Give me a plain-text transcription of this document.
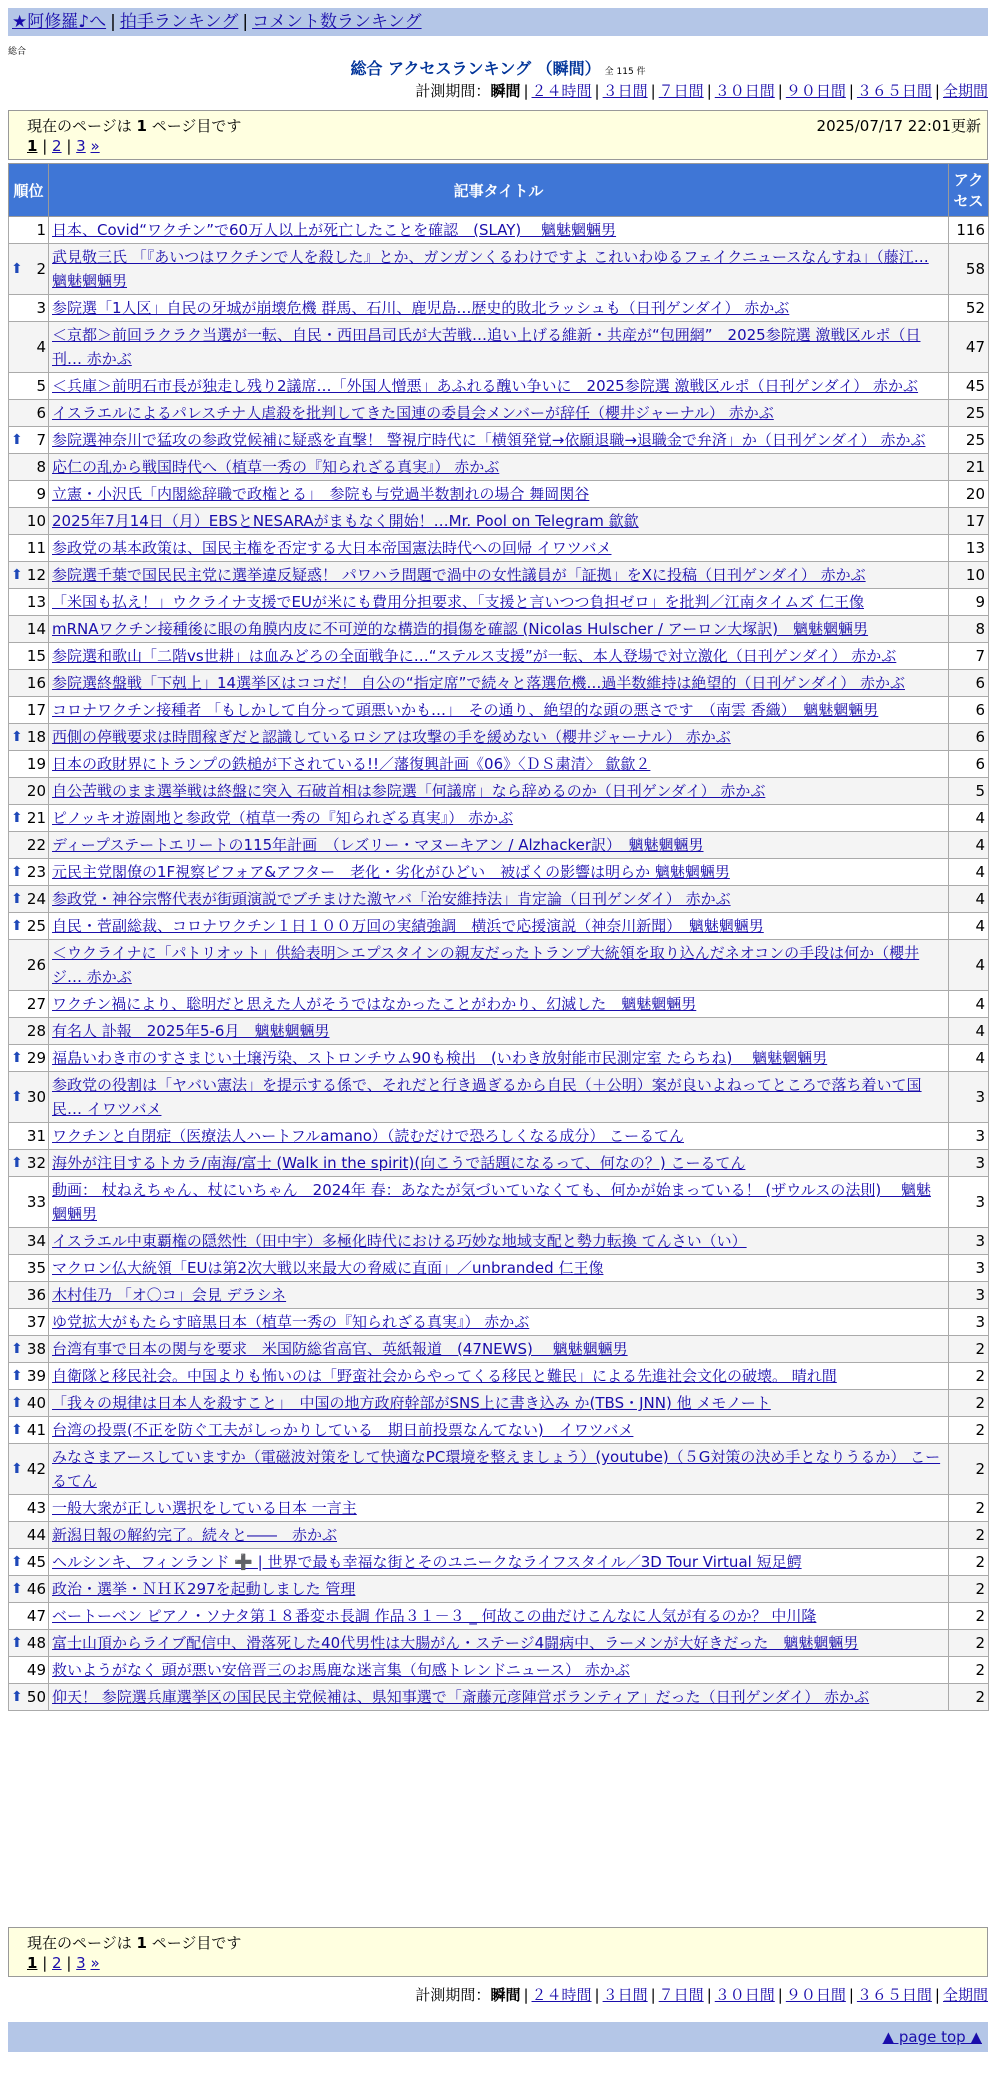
★阿修羅♪へ | 拍手ランキング | コメント数ランキング
総合
総合 アクセスランキング （瞬間） 全 115 件
計測期間：瞬間 | ２４時間 | ３日間 | ７日間 | ３０日間 | ９０日間 | ３６５日間 | 全期間
現在のページは 1 ページ目です	2025/07/17 22:01更新
1 | 2 | 3 »
順位	記事タイトル	アクセス
1	日本、Covid“ワクチン”で60万人以上が死亡したことを確認　(SLAY)　 魑魅魍魎男	116

⬆ 2	武見敬三氏 「『あいつはワクチンで人を殺した』とか、ガンガンくるわけですよ これいわゆるフェイクニュースなんすね」（藤江… 魑魅魍魎男	58
3	参院選「1人区」自民の牙城が崩壊危機 群馬、石川、鹿児島…歴史的敗北ラッシュも（日刊ゲンダイ） 赤かぶ	52
4	＜京都＞前回ラクラク当選が一転、自民・西田昌司氏が大苦戦…追い上げる維新・共産が“包囲網”　2025参院選 激戦区ルポ（日刊… 赤かぶ	47
5	＜兵庫＞前明石市長が独走し残り2議席…「外国人憎悪」あふれる醜い争いに　2025参院選 激戦区ルポ（日刊ゲンダイ） 赤かぶ	45
6	イスラエルによるパレスチナ人虐殺を批判してきた国連の委員会メンバーが辞任（櫻井ジャーナル） 赤かぶ	25

⬆ 7	参院選神奈川で猛攻の参政党候補に疑惑を直撃！ 警視庁時代に「横領発覚→依願退職→退職金で弁済」か（日刊ゲンダイ） 赤かぶ	25
8	応仁の乱から戦国時代へ（植草一秀の『知られざる真実』） 赤かぶ	21
9	立憲・小沢氏「内閣総辞職で政権とる」　参院も与党過半数割れの場合 舞岡関谷	20
10	2025年7月14日（月）EBSとNESARAがまもなく開始！…Mr. Pool on Telegram 歙歙	17
11	参政党の基本政策は、国民主権を否定する大日本帝国憲法時代への回帰 イワツバメ	13

⬆ 12	参院選千葉で国民民主党に選挙違反疑惑！ パワハラ問題で渦中の女性議員が「証拠」をXに投稿（日刊ゲンダイ） 赤かぶ	10
13	「米国も払え！」ウクライナ支援でEUが米にも費用分担要求、「支援と言いつつ負担ゼロ」を批判／江南タイムズ 仁王像	9
14	mRNAワクチン接種後に眼の角膜内皮に不可逆的な構造的損傷を確認 (Nicolas Hulscher / アーロン大塚訳)　魑魅魍魎男	8
15	参院選和歌山「二階vs世耕」は血みどろの全面戦争に…“ステルス支援”が一転、本人登場で対立激化（日刊ゲンダイ） 赤かぶ	7
16	参院選終盤戦「下剋上」14選挙区はココだ！ 自公の“指定席”で続々と落選危機…過半数維持は絶望的（日刊ゲンダイ） 赤かぶ	6
17	コロナワクチン接種者 「もしかして自分って頭悪いかも…」　その通り、絶望的な頭の悪さです　（南雲 香織）　魑魅魍魎男	6

⬆ 18	西側の停戦要求は時間稼ぎだと認識しているロシアは攻撃の手を緩めない（櫻井ジャーナル） 赤かぶ	6
19	日本の政財界にトランプの鉄槌が下されている!!／藩復興計画《06》〈ＤＳ粛清〉 歙歙２	6
20	自公苦戦のまま選挙戦は終盤に突入 石破首相は参院選「何議席」なら辞めるのか（日刊ゲンダイ） 赤かぶ	5

⬆ 21	ピノッキオ遊園地と参政党（植草一秀の『知られざる真実』） 赤かぶ	4
22	ディープステートエリートの115年計画　（レズリー・マヌーキアン / Alzhacker訳）　魑魅魍魎男	4

⬆ 23	元民主党閣僚の1F視察ビフォア&アフター　老化・劣化がひどい　被ばくの影響は明らか 魑魅魍魎男	4

⬆ 24	参政党・神谷宗幣代表が街頭演説でブチまけた激ヤバ「治安維持法」肯定論（日刊ゲンダイ） 赤かぶ	4

⬆ 25	自民・菅副総裁、コロナワクチン１日１００万回の実績強調　横浜で応援演説（神奈川新聞）　魑魅魍魎男	4
26	＜ウクライナに「パトリオット」供給表明＞エプスタインの親友だったトランプ大統領を取り込んだネオコンの手段は何か（櫻井ジ… 赤かぶ	4
27	ワクチン禍により、聡明だと思えた人がそうではなかったことがわかり、幻滅した　魑魅魍魎男	4
28	有名人 訃報　2025年5-6月　魑魅魍魎男	4

⬆ 29	福島いわき市のすさまじい土壌汚染、ストロンチウム90も検出　(いわき放射能市民測定室 たらちね)　 魑魅魍魎男	4

⬆ 30	参政党の役割は「ヤバい憲法」を提示する係で、それだと行き過ぎるから自民（＋公明）案が良いよねってところで落ち着いて国民… イワツバメ	3
31	ワクチンと自閉症（医療法人ハートフルamano）（読むだけで恐ろしくなる成分） こーるてん	3

⬆ 32	海外が注目するトカラ/南海/富士 (Walk in the spirit)(向こうで話題になるって、何なの？) こーるてん	3
33	動画： 杖ねえちゃん、杖にいちゃん　2024年 春：あなたが気づいていなくても、何かが始まっている！ (ザウルスの法則)　 魑魅魍魎男	3
34	イスラエル中東覇権の隠然性（田中宇）多極化時代における巧妙な地域支配と勢力転換 てんさい（い）	3
35	マクロン仏大統領「EUは第2次大戦以来最大の脅威に直面」／unbranded 仁王像	3
36	木村佳乃 「オ〇コ」会見 デラシネ	3
37	ゆ党拡大がもたらす暗黒日本（植草一秀の『知られざる真実』） 赤かぶ	3

⬆ 38	台湾有事で日本の関与を要求　米国防総省高官、英紙報道　(47NEWS)　 魑魅魍魎男	2

⬆ 39	自衛隊と移民社会。中国よりも怖いのは「野蛮社会からやってくる移民と難民」による先進社会文化の破壊。 晴れ間	2

⬆ 40	「我々の規律は日本人を殺すこと」　中国の地方政府幹部がSNS上に書き込み か(TBS・JNN) 他 メモノート	2

⬆ 41	台湾の投票(不正を防ぐ工夫がしっかりしている　期日前投票なんてない)　イワツバメ	2

⬆ 42	みなさまアースしていますか（電磁波対策をして快適なPC環境を整えましょう）(youtube)（５G対策の決め手となりうるか） こーるてん	2
43	一般大衆が正しい選択をしている日本 一言主	2
44	新潟日報の解約完了。続々と――　赤かぶ	2

⬆ 45	ヘルシンキ、フィンランド ➕ | 世界で最も幸福な街とそのユニークなライフスタイル／3D Tour Virtual 短足鰐	2

⬆ 46	政治・選挙・ＮＨＫ297を起動しました 管理	2
47	ベートーベン ピアノ・ソナタ第１８番変ホ長調 作品３１－３ _ 何故この曲だけこんなに人気が有るのか？ 中川隆	2

⬆ 48	富士山頂からライブ配信中、滑落死した40代男性は大腸がん・ステージ4闘病中、ラーメンが大好きだった　魑魅魍魎男	2
49	救いようがなく 頭が悪い安倍晋三のお馬鹿な迷言集（旬感トレンドニュース） 赤かぶ	2

⬆ 50	仰天！ 参院選兵庫選挙区の国民民主党候補は、県知事選で「斎藤元彦陣営ボランティア」だった（日刊ゲンダイ） 赤かぶ	2
現在のページは 1 ページ目です
1 | 2 | 3 »
計測期間：瞬間 | ２４時間 | ３日間 | ７日間 | ３０日間 | ９０日間 | ３６５日間 | 全期間
▲ page top ▲
